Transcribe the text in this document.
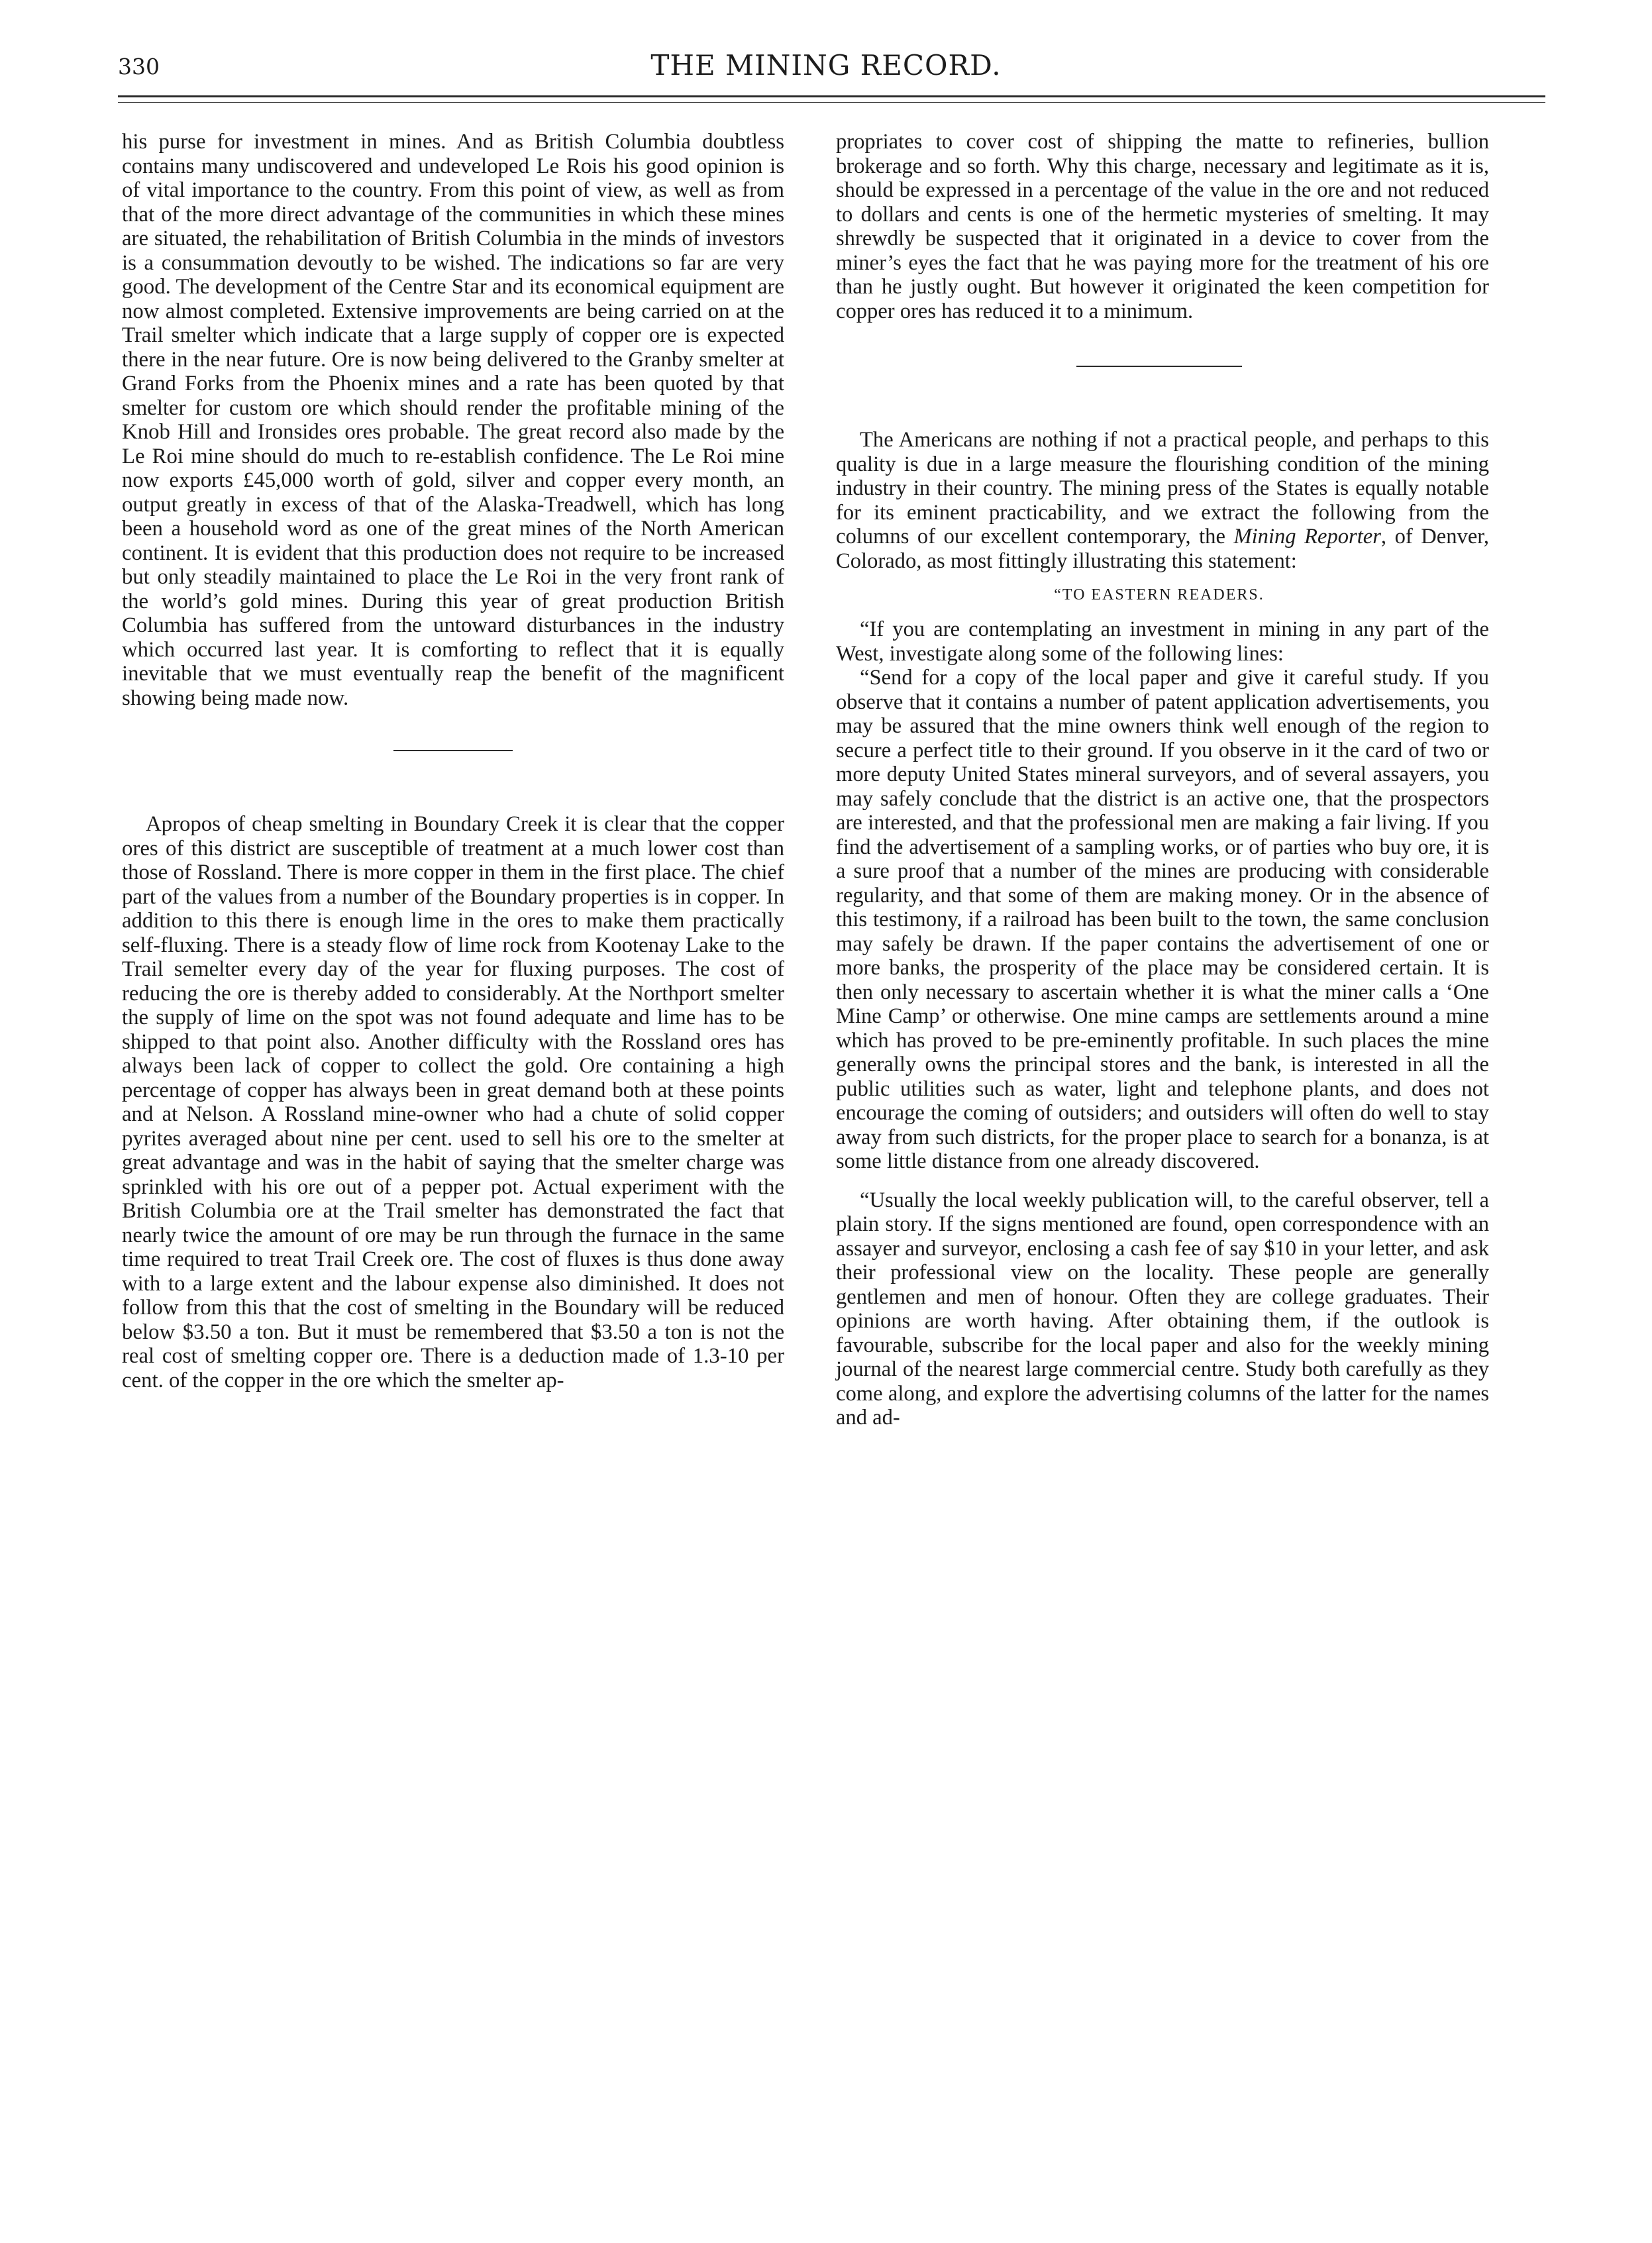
330	THE MINING RECORD.

his purse for investment in mines. And as British Columbia doubtless contains many undiscovered and undeveloped Le Rois his good opinion is of vital importance to the country. From this point of view, as well as from that of the more direct advantage of the communities in which these mines are situated, the rehabilitation of British Columbia in the minds of investors is a consummation devoutly to be wished. The indications so far are very good. The development of the Centre Star and its economical equipment are now almost completed. Extensive improvements are being carried on at the Trail smelter which indicate that a large supply of copper ore is expected there in the near future. Ore is now being delivered to the Granby smelter at Grand Forks from the Phoenix mines and a rate has been quoted by that smelter for custom ore which should render the profitable mining of the Knob Hill and Ironsides ores probable. The great record also made by the Le Roi mine should do much to re-establish confidence. The Le Roi mine now exports £45,000 worth of gold, silver and copper every month, an output greatly in excess of that of the Alaska-Treadwell, which has long been a household word as one of the great mines of the North American continent. It is evident that this production does not require to be increased but only steadily maintained to place the Le Roi in the very front rank of the world’s gold mines. During this year of great production British Columbia has suffered from the untoward disturbances in the industry which occurred last year. It is comforting to reflect that it is equally inevitable that we must eventually reap the benefit of the magnificent showing being made now.

Apropos of cheap smelting in Boundary Creek it is clear that the copper ores of this district are susceptible of treatment at a much lower cost than those of Rossland. There is more copper in them in the first place. The chief part of the values from a number of the Boundary properties is in copper. In addition to this there is enough lime in the ores to make them practically self-fluxing. There is a steady flow of lime rock from Kootenay Lake to the Trail semelter every day of the year for fluxing purposes. The cost of reducing the ore is thereby added to considerably. At the Northport smelter the supply of lime on the spot was not found adequate and lime has to be shipped to that point also. Another difficulty with the Rossland ores has always been lack of copper to collect the gold. Ore containing a high percentage of copper has always been in great demand both at these points and at Nelson. A Rossland mine-owner who had a chute of solid copper pyrites averaged about nine per cent. used to sell his ore to the smelter at great advantage and was in the habit of saying that the smelter charge was sprinkled with his ore out of a pepper pot. Actual experiment with the British Columbia ore at the Trail smelter has demonstrated the fact that nearly twice the amount of ore may be run through the furnace in the same time required to treat Trail Creek ore. The cost of fluxes is thus done away with to a large extent and the labour expense also diminished. It does not follow from this that the cost of smelting in the Boundary will be reduced below $3.50 a ton. But it must be remembered that $3.50 a ton is not the real cost of smelting copper ore. There is a deduction made of 1.3-10 per cent. of the copper in the ore which the smelter ap-

propriates to cover cost of shipping the matte to refineries, bullion brokerage and so forth. Why this charge, necessary and legitimate as it is, should be expressed in a percentage of the value in the ore and not reduced to dollars and cents is one of the hermetic mysteries of smelting. It may shrewdly be suspected that it originated in a device to cover from the miner’s eyes the fact that he was paying more for the treatment of his ore than he justly ought. But however it originated the keen competition for copper ores has reduced it to a minimum.

The Americans are nothing if not a practical people, and perhaps to this quality is due in a large measure the flourishing condition of the mining industry in their country. The mining press of the States is equally notable for its eminent practicability, and we extract the following from the columns of our excellent contemporary, the Mining Reporter, of Denver, Colorado, as most fittingly illustrating this statement:

“TO EASTERN READERS.

“If you are contemplating an investment in mining in any part of the West, investigate along some of the following lines:

“Send for a copy of the local paper and give it careful study. If you observe that it contains a number of patent application advertisements, you may be assured that the mine owners think well enough of the region to secure a perfect title to their ground. If you observe in it the card of two or more deputy United States mineral surveyors, and of several assayers, you may safely conclude that the district is an active one, that the prospectors are interested, and that the professional men are making a fair living. If you find the advertisement of a sampling works, or of parties who buy ore, it is a sure proof that a number of the mines are producing with considerable regularity, and that some of them are making money. Or in the absence of this testimony, if a railroad has been built to the town, the same conclusion may safely be drawn. If the paper contains the advertisement of one or more banks, the prosperity of the place may be considered certain. It is then only necessary to ascertain whether it is what the miner calls a ‘One Mine Camp’ or otherwise. One mine camps are settlements around a mine which has proved to be pre-eminently profitable. In such places the mine generally owns the principal stores and the bank, is interested in all the public utilities such as water, light and telephone plants, and does not encourage the coming of outsiders; and outsiders will often do well to stay away from such districts, for the proper place to search for a bonanza, is at some little distance from one already discovered.

“Usually the local weekly publication will, to the careful observer, tell a plain story. If the signs mentioned are found, open correspondence with an assayer and surveyor, enclosing a cash fee of say $10 in your letter, and ask their professional view on the locality. These people are generally gentlemen and men of honour. Often they are college graduates. Their opinions are worth having. After obtaining them, if the outlook is favourable, subscribe for the local paper and also for the weekly mining journal of the nearest large commercial centre. Study both carefully as they come along, and explore the advertising columns of the latter for the names and ad-
